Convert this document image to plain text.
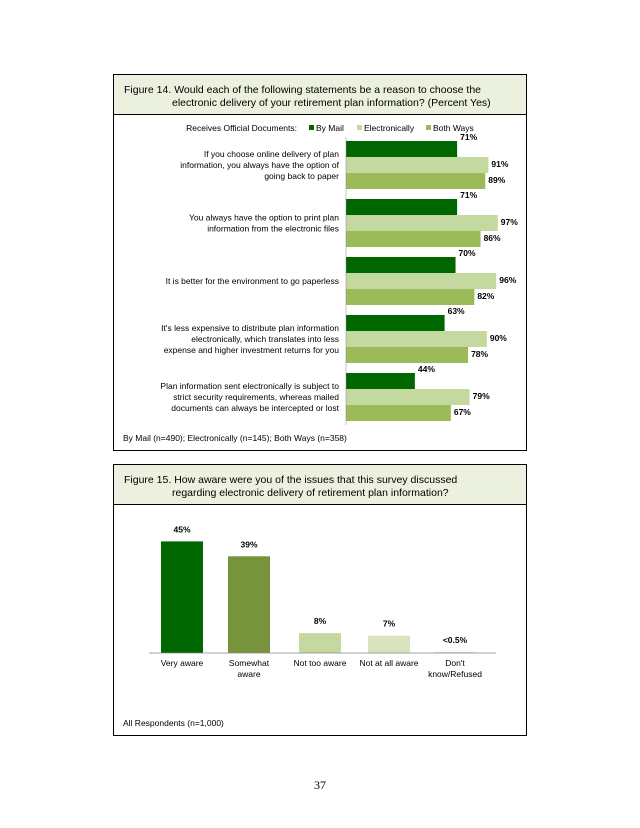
Figure 14. Would each of the following statements be a reason to choose the
electronic delivery of your retirement plan information? (Percent Yes)
Receives Official Documents: By Mail Electronically Both Ways
If you choose online delivery of plan
information, you always have the option of
going back to paper
71%
91%
89%
You always have the option to print plan
information from the electronic files
71%
97%
86%
It is better for the environment to go paperless
70%
96%
82%
It's less expensive to distribute plan information
electronically, which translates into less
expense and higher investment returns for you
63%
90%
78%
Plan information sent electronically is subject to
strict security requirements, whereas mailed
documents can always be intercepted or lost
44%
79%
67%
By Mail (n=490); Electronically (n=145); Both Ways (n=358)
Figure 15. How aware were you of the issues that this survey discussed
regarding electronic delivery of retirement plan information?
45%
Very aware
39%
Somewhat
aware
8%
Not too aware
7%
Not at all aware
<0.5%
Don't
know/Refused
All Respondents (n=1,000)
37
